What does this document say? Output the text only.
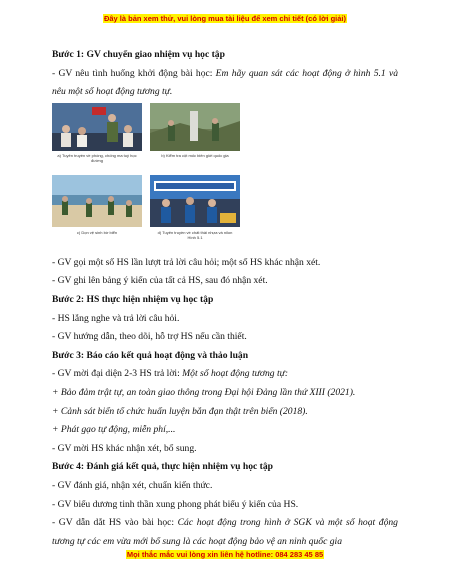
Đây là bản xem thử, vui lòng mua tài liệu để xem chi tiết (có lời giải)

Bước 1: GV chuyển giao nhiệm vụ học tập

- GV nêu tình huống khởi động bài học: Em hãy quan sát các hoạt động ở hình 5.1 và nêu một số hoạt động tương tự.

a) Tuyên truyền về phòng, chống ma tuý học đường
b) Kiểm tra cột mốc biên giới quốc gia
c) Dọn vệ sinh bờ biển	d) Tuyên truyền về chất thải nhựa và nilon
Hình 5.1

- GV gọi một số HS lần lượt trả lời câu hỏi; một số HS khác nhận xét.

- GV ghi lên bảng ý kiến của tất cả HS, sau đó nhận xét.

Bước 2: HS thực hiện nhiệm vụ học tập

- HS lắng nghe và trả lời câu hỏi.

- GV hướng dẫn, theo dõi, hỗ trợ HS nếu cần thiết.

Bước 3: Báo cáo kết quả hoạt động và thảo luận

- GV mời đại diện 2-3 HS trả lời: Một số hoạt động tương tự:

+ Bảo đảm trật tự, an toàn giao thông trong Đại hội Đảng lần thứ XIII (2021).

+ Cảnh sát biển tổ chức huấn luyện bắn đạn thật trên biển (2018).

+ Phát gạo tự động, miễn phí,...

- GV mời HS khác nhận xét, bổ sung.

Bước 4: Đánh giá kết quả, thực hiện nhiệm vụ học tập

- GV đánh giá, nhận xét, chuẩn kiến thức.

- GV biểu dương tinh thần xung phong phát biểu ý kiến của HS.

- GV dẫn dắt HS vào bài học: Các hoạt động trong hình ở SGK và một số hoạt động tương tự các em vừa mới bổ sung là các hoạt động bảo vệ an ninh quốc gia

Mọi thắc mắc vui lòng xin liên hệ hotline: 084 283 45 85
